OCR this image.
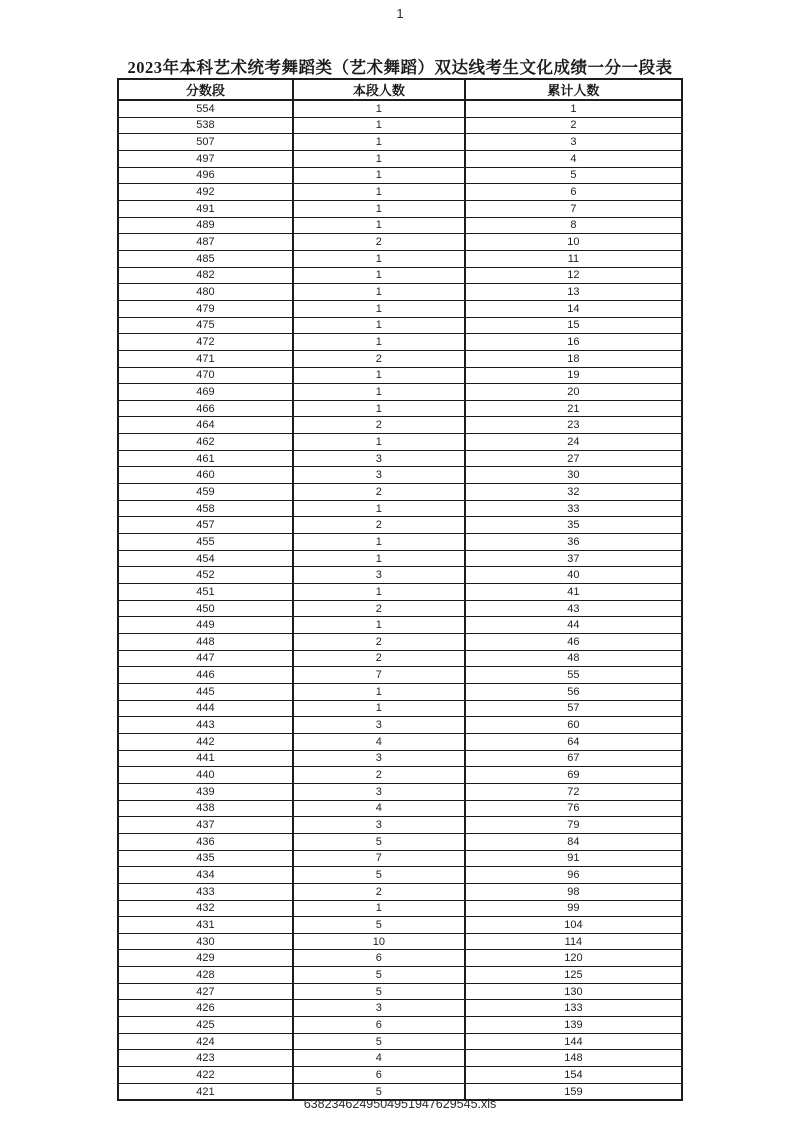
1
2023年本科艺术统考舞蹈类（艺术舞蹈）双达线考生文化成绩一分一段表
分数段	本段人数	累计人数
554	1	1
538	1	2
507	1	3
497	1	4
496	1	5
492	1	6
491	1	7
489	1	8
487	2	10
485	1	11
482	1	12
480	1	13
479	1	14
475	1	15
472	1	16
471	2	18
470	1	19
469	1	20
466	1	21
464	2	23
462	1	24
461	3	27
460	3	30
459	2	32
458	1	33
457	2	35
455	1	36
454	1	37
452	3	40
451	1	41
450	2	43
449	1	44
448	2	46
447	2	48
446	7	55
445	1	56
444	1	57
443	3	60
442	4	64
441	3	67
440	2	69
439	3	72
438	4	76
437	3	79
436	5	84
435	7	91
434	5	96
433	2	98
432	1	99
431	5	104
430	10	114
429	6	120
428	5	125
427	5	130
426	3	133
425	6	139
424	5	144
423	4	148
422	6	154
421	5	159
6382346249504951947629545.xls
